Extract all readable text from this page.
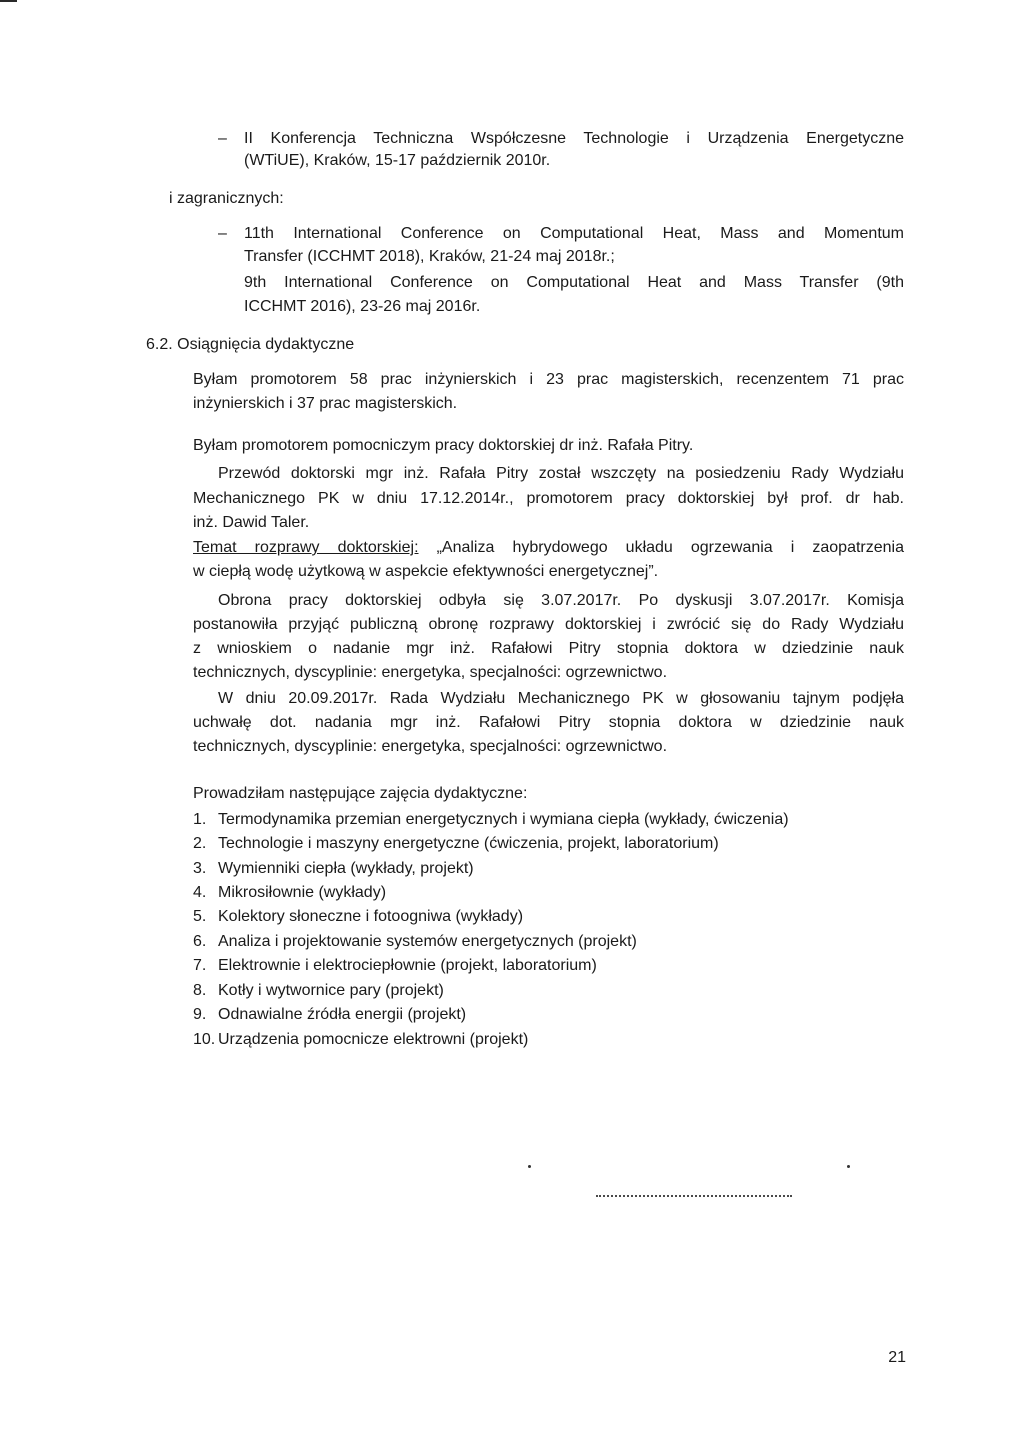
– II Konferencja Techniczna Współczesne Technologie i Urządzenia Energetyczne

(WTiUE), Kraków, 15-17 październik 2010r.

i zagranicznych:

– 11th International Conference on Computational Heat, Mass and Momentum

Transfer (ICCHMT 2018), Kraków, 21-24 maj 2018r.;

9th International Conference on Computational Heat and Mass Transfer (9th

ICCHMT 2016), 23-26 maj 2016r.

6.2. Osiągnięcia dydaktyczne

Byłam promotorem 58 prac inżynierskich i 23 prac magisterskich, recenzentem 71 prac

inżynierskich i 37 prac magisterskich.

Byłam promotorem pomocniczym pracy doktorskiej dr inż. Rafała Pitry.

Przewód doktorski mgr inż. Rafała Pitry został wszczęty na posiedzeniu Rady Wydziału

Mechanicznego PK w dniu 17.12.2014r., promotorem pracy doktorskiej był prof. dr hab.

inż. Dawid Taler.

Temat rozprawy doktorskiej: „Analiza hybrydowego układu ogrzewania i zaopatrzenia

w ciepłą wodę użytkową w aspekcie efektywności energetycznej”.

Obrona pracy doktorskiej odbyła się 3.07.2017r. Po dyskusji 3.07.2017r. Komisja

postanowiła przyjąć publiczną obronę rozprawy doktorskiej i zwrócić się do Rady Wydziału

z wnioskiem o nadanie mgr inż. Rafałowi Pitry stopnia doktora w dziedzinie nauk

technicznych, dyscyplinie: energetyka, specjalności: ogrzewnictwo.

W dniu 20.09.2017r. Rada Wydziału Mechanicznego PK w głosowaniu tajnym podjęła

uchwałę dot. nadania mgr inż. Rafałowi Pitry stopnia doktora w dziedzinie nauk

technicznych, dyscyplinie: energetyka, specjalności: ogrzewnictwo.

Prowadziłam następujące zajęcia dydaktyczne:

1. Termodynamika przemian energetycznych i wymiana ciepła (wykłady, ćwiczenia)
2. Technologie i maszyny energetyczne (ćwiczenia, projekt, laboratorium)
3. Wymienniki ciepła (wykłady, projekt)
4. Mikrosiłownie (wykłady)
5. Kolektory słoneczne i fotoogniwa (wykłady)
6. Analiza i projektowanie systemów energetycznych (projekt)
7. Elektrownie i elektrociepłownie (projekt, laboratorium)
8. Kotły i wytwornice pary (projekt)
9. Odnawialne źródła energii (projekt)
10. Urządzenia pomocnicze elektrowni (projekt)
21
